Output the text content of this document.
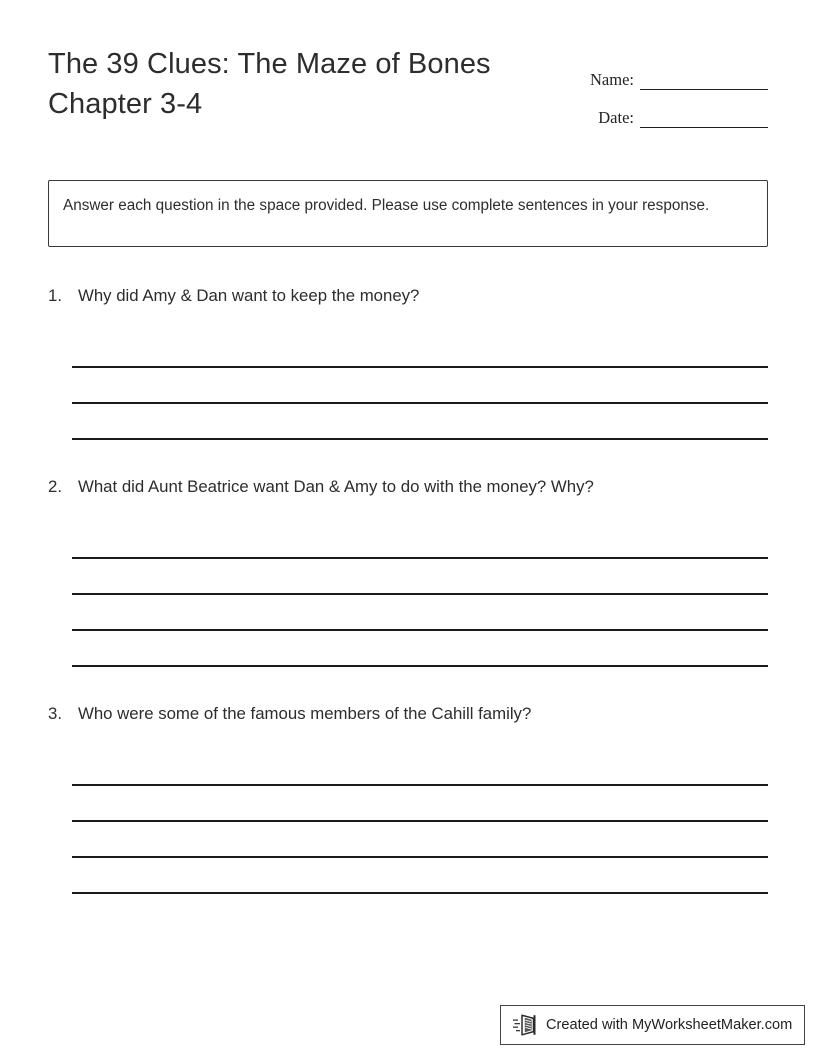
The 39 Clues: The Maze of Bones
Chapter 3-4
Name:
Date:
Answer each question in the space provided. Please use complete sentences in your response.
1. Why did Amy & Dan want to keep the money?
2. What did Aunt Beatrice want Dan & Amy to do with the money? Why?
3. Who were some of the famous members of the Cahill family?
Created with MyWorksheetMaker.com
